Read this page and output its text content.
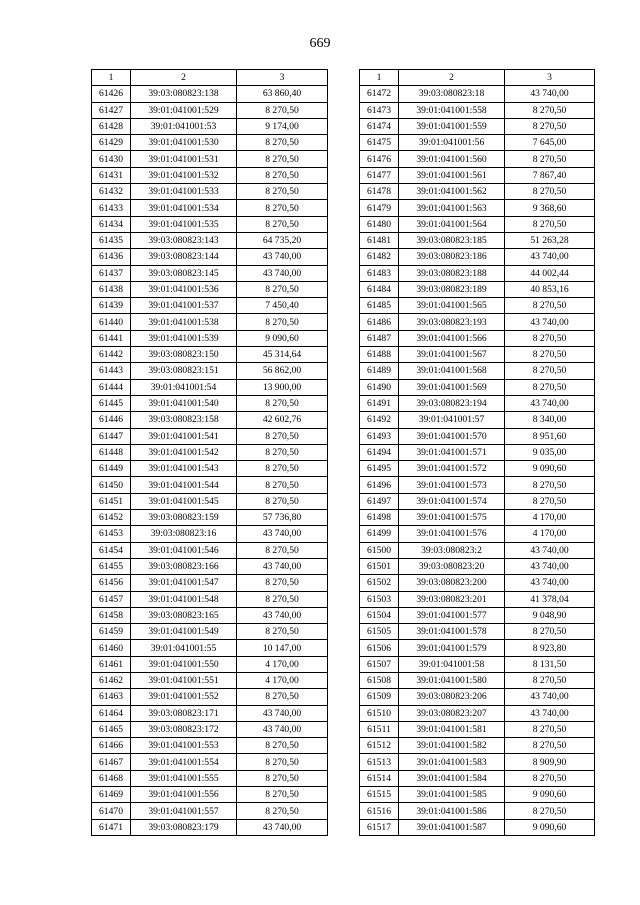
669
1	2	3
61426	39:03:080823:138	63 860,40
61427	39:01:041001:529	8 270,50
61428	39:01:041001:53	9 174,00
61429	39:01:041001:530	8 270,50
61430	39:01:041001:531	8 270,50
61431	39:01:041001:532	8 270,50
61432	39:01:041001:533	8 270,50
61433	39:01:041001:534	8 270,50
61434	39:01:041001:535	8 270,50
61435	39:03:080823:143	64 735,20
61436	39:03:080823:144	43 740,00
61437	39:03:080823:145	43 740,00
61438	39:01:041001:536	8 270,50
61439	39:01:041001:537	7 450,40
61440	39:01:041001:538	8 270,50
61441	39:01:041001:539	9 090,60
61442	39:03:080823:150	45 314,64
61443	39:03:080823:151	56 862,00
61444	39:01:041001:54	13 900,00
61445	39:01:041001:540	8 270,50
61446	39:03:080823:158	42 602,76
61447	39:01:041001:541	8 270,50
61448	39:01:041001:542	8 270,50
61449	39:01:041001:543	8 270,50
61450	39:01:041001:544	8 270,50
61451	39:01:041001:545	8 270,50
61452	39:03:080823:159	57 736,80
61453	39:03:080823:16	43 740,00
61454	39:01:041001:546	8 270,50
61455	39:03:080823:166	43 740,00
61456	39:01:041001:547	8 270,50
61457	39:01:041001:548	8 270,50
61458	39:03:080823:165	43 740,00
61459	39:01:041001:549	8 270,50
61460	39:01:041001:55	10 147,00
61461	39:01:041001:550	4 170,00
61462	39:01:041001:551	4 170,00
61463	39:01:041001:552	8 270,50
61464	39:03:080823:171	43 740,00
61465	39:03:080823:172	43 740,00
61466	39:01:041001:553	8 270,50
61467	39:01:041001:554	8 270,50
61468	39:01:041001:555	8 270,50
61469	39:01:041001:556	8 270,50
61470	39:01:041001:557	8 270,50
61471	39:03:080823:179	43 740,00
1	2	3
61472	39:03:080823:18	43 740,00
61473	39:01:041001:558	8 270,50
61474	39:01:041001:559	8 270,50
61475	39:01:041001:56	7 645,00
61476	39:01:041001:560	8 270,50
61477	39:01:041001:561	7 867,40
61478	39:01:041001:562	8 270,50
61479	39:01:041001:563	9 368,60
61480	39:01:041001:564	8 270,50
61481	39:03:080823:185	51 263,28
61482	39:03:080823:186	43 740,00
61483	39:03:080823:188	44 002,44
61484	39:03:080823:189	40 853,16
61485	39:01:041001:565	8 270,50
61486	39:03:080823:193	43 740,00
61487	39:01:041001:566	8 270,50
61488	39:01:041001:567	8 270,50
61489	39:01:041001:568	8 270,50
61490	39:01:041001:569	8 270,50
61491	39:03:080823:194	43 740,00
61492	39:01:041001:57	8 340,00
61493	39:01:041001:570	8 951,60
61494	39:01:041001:571	9 035,00
61495	39:01:041001:572	9 090,60
61496	39:01:041001:573	8 270,50
61497	39:01:041001:574	8 270,50
61498	39:01:041001:575	4 170,00
61499	39:01:041001:576	4 170,00
61500	39:03:080823:2	43 740,00
61501	39:03:080823:20	43 740,00
61502	39:03:080823:200	43 740,00
61503	39:03:080823:201	41 378,04
61504	39:01:041001:577	9 048,90
61505	39:01:041001:578	8 270,50
61506	39:01:041001:579	8 923,80
61507	39:01:041001:58	8 131,50
61508	39:01:041001:580	8 270,50
61509	39:03:080823:206	43 740,00
61510	39:03:080823:207	43 740,00
61511	39:01:041001:581	8 270,50
61512	39:01:041001:582	8 270,50
61513	39:01:041001:583	8 909,90
61514	39:01:041001:584	8 270,50
61515	39:01:041001:585	9 090,60
61516	39:01:041001:586	8 270,50
61517	39:01:041001:587	9 090,60
